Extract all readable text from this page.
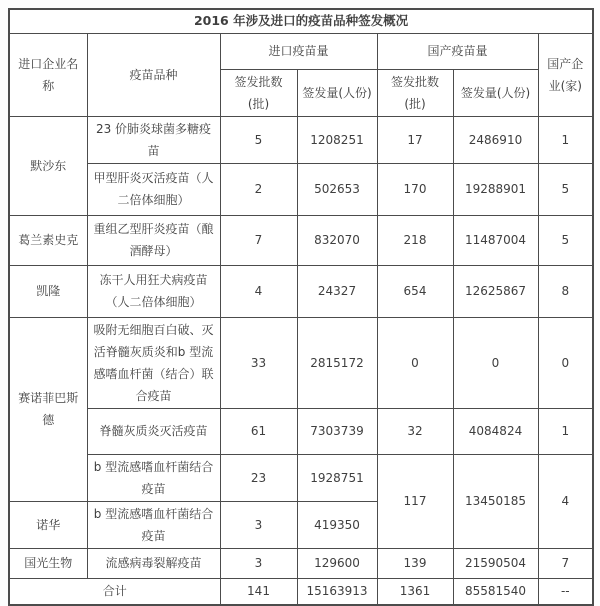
2016 年涉及进口的疫苗品种签发概况						
进口企业名称	疫苗品种	进口疫苗量		国产疫苗量		国产企业(家)
		签发批数(批)	签发量(人份)	签发批数(批)	签发量(人份)	
默沙东	23 价肺炎球菌多糖疫苗	5	1208251	17	2486910	1
	甲型肝炎灭活疫苗（人二倍体细胞）	2	502653	170	19288901	5
葛兰素史克	重组乙型肝炎疫苗（酿酒酵母）	7	832070	218	11487004	5
凯隆	冻干人用狂犬病疫苗（人二倍体细胞）	4	24327	654	12625867	8
赛诺菲巴斯德	吸附无细胞百白破、灭活脊髓灰质炎和b 型流感嗜血杆菌（结合）联合疫苗	33	2815172	0	0	0
	脊髓灰质炎灭活疫苗	61	7303739	32	4084824	1
	b 型流感嗜血杆菌结合疫苗	23	1928751	117	13450185	4
诺华	b 型流感嗜血杆菌结合疫苗	3	419350			
国光生物	流感病毒裂解疫苗	3	129600	139	21590504	7
合计		141	15163913	1361	85581540	--
